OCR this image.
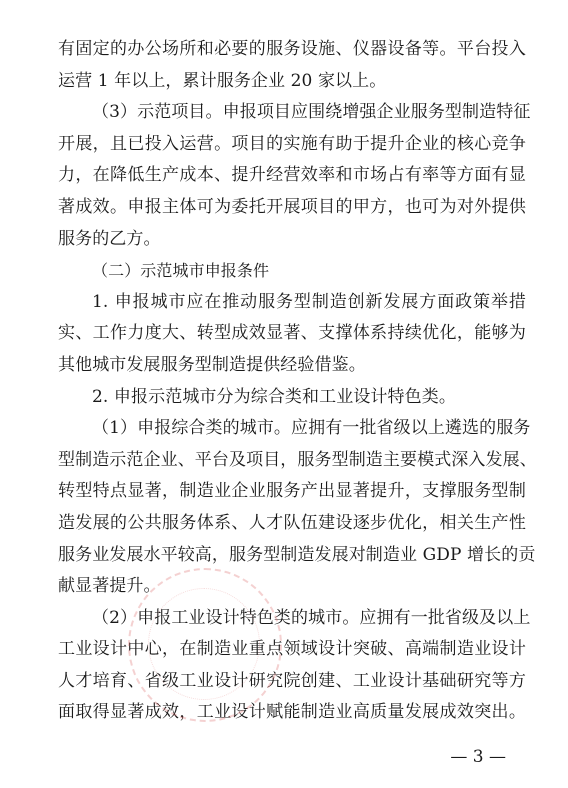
有固定的办公场所和必要的服务设施、仪器设备等。平台投入
运营 1 年以上，累计服务企业 20 家以上。
（3）示范项目。申报项目应围绕增强企业服务型制造特征
开展，且已投入运营。项目的实施有助于提升企业的核心竞争
力，在降低生产成本、提升经营效率和市场占有率等方面有显
著成效。申报主体可为委托开展项目的甲方，也可为对外提供
服务的乙方。
（二）示范城市申报条件
1. 申报城市应在推动服务型制造创新发展方面政策举措
实、工作力度大、转型成效显著、支撑体系持续优化，能够为
其他城市发展服务型制造提供经验借鉴。
2. 申报示范城市分为综合类和工业设计特色类。
（1）申报综合类的城市。应拥有一批省级以上遴选的服务
型制造示范企业、平台及项目，服务型制造主要模式深入发展、
转型特点显著，制造业企业服务产出显著提升，支撑服务型制
造发展的公共服务体系、人才队伍建设逐步优化，相关生产性
服务业发展水平较高，服务型制造发展对制造业 GDP 增长的贡
献显著提升。
（2）申报工业设计特色类的城市。应拥有一批省级及以上
工业设计中心，在制造业重点领域设计突破、高端制造业设计
人才培育、省级工业设计研究院创建、工业设计基础研究等方
面取得显著成效，工业设计赋能制造业高质量发展成效突出。
— 3 —
